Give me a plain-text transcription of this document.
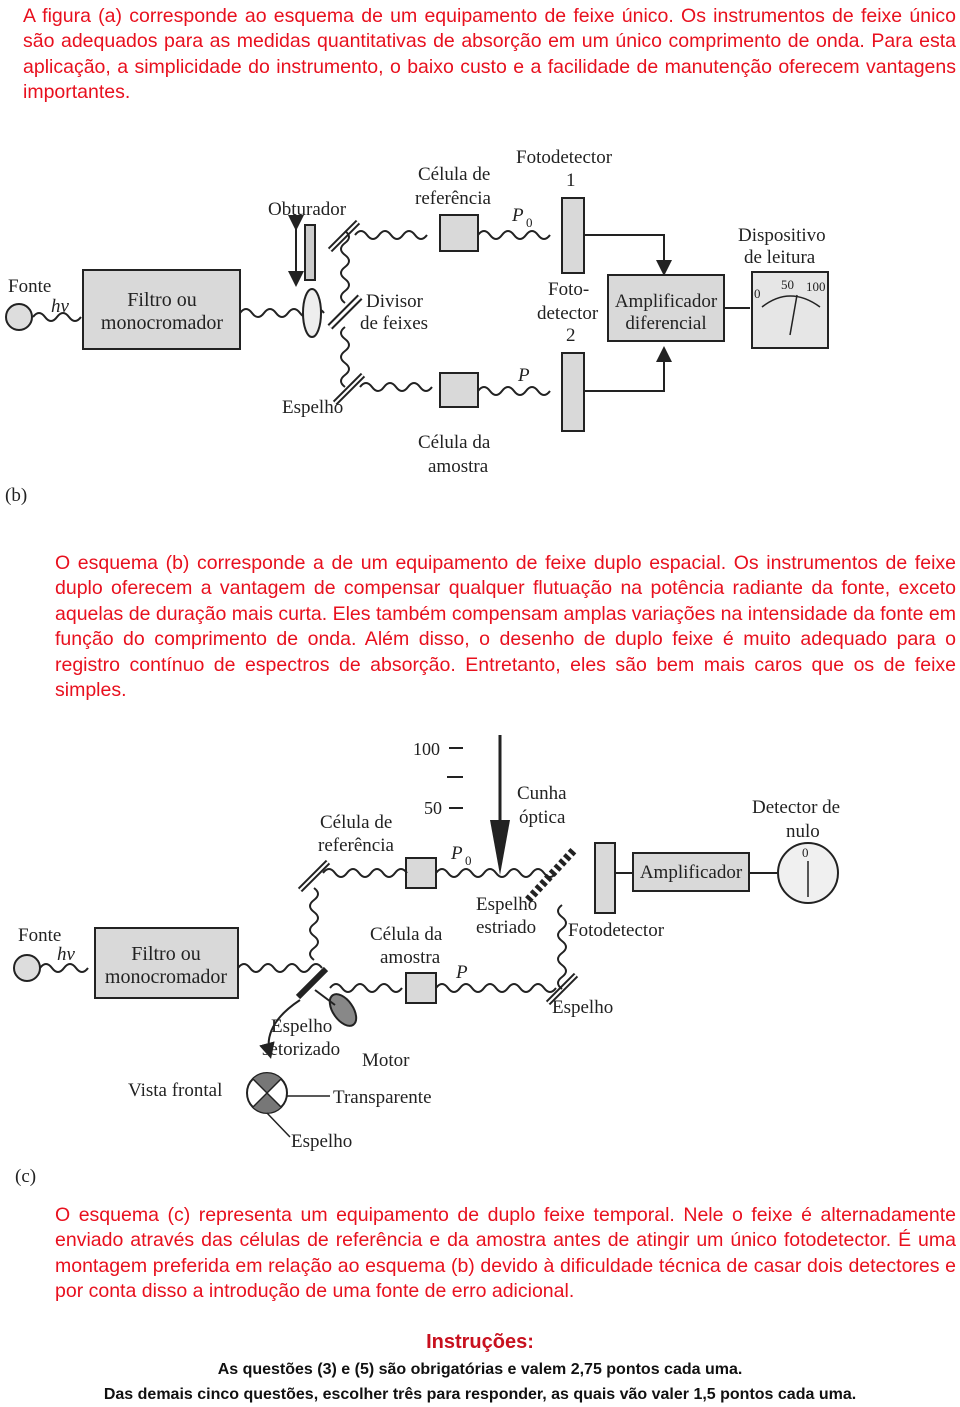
A figura (a) corresponde ao esquema de um equipamento de feixe único. Os instrumentos de feixe único são adequados para as medidas quantitativas de absorção em um único comprimento de onda. Para esta aplicação, a simplicidade do instrumento, o baixo custo e a facilidade de manutenção oferecem vantagens importantes.
Fonte
hν	Filtro ou
monocromador
Obturador
Divisor
de feixes
Espelho
Célula de
referência
P 0
P
Célula da
amostra
Fotodetector
1
Foto-
detector
2
Amplificador
diferencial
Dispositivo
de leitura
0
50 100
(b)
O esquema (b) corresponde a de um equipamento de feixe duplo espacial. Os instrumentos de feixe duplo oferecem a vantagem de compensar qualquer flutuação na potência radiante da fonte, exceto aquelas de duração mais curta. Eles também compensam amplas variações na intensidade da fonte em função do comprimento de onda. Além disso, o desenho de duplo feixe é muito adequado para o registro contínuo de espectros de absorção. Entretanto, eles são bem mais caros que os de feixe simples.
100
50
Cunha
óptica
Célula de
referência	P 0
Espelho
estriado Fotodetector
Amplificador
Detector de
nulo
0
Fonte
hν	Filtro ou
monocromador
Célula da
amostra
P
Espelho
Espelho
setorizado
Motor
Vista frontal	Transparente
Espelho
(c)
O esquema (c) representa um equipamento de duplo feixe temporal. Nele o feixe é alternadamente enviado através das células de referência e da amostra antes de atingir um único fotodetector. É uma montagem preferida em relação ao esquema (b) devido à dificuldade técnica de casar dois detectores e por conta disso a introdução de uma fonte de erro adicional.
Instruções:
As questões (3) e (5) são obrigatórias e valem 2,75 pontos cada uma.
Das demais cinco questões, escolher três para responder, as quais vão valer 1,5 pontos cada uma.
